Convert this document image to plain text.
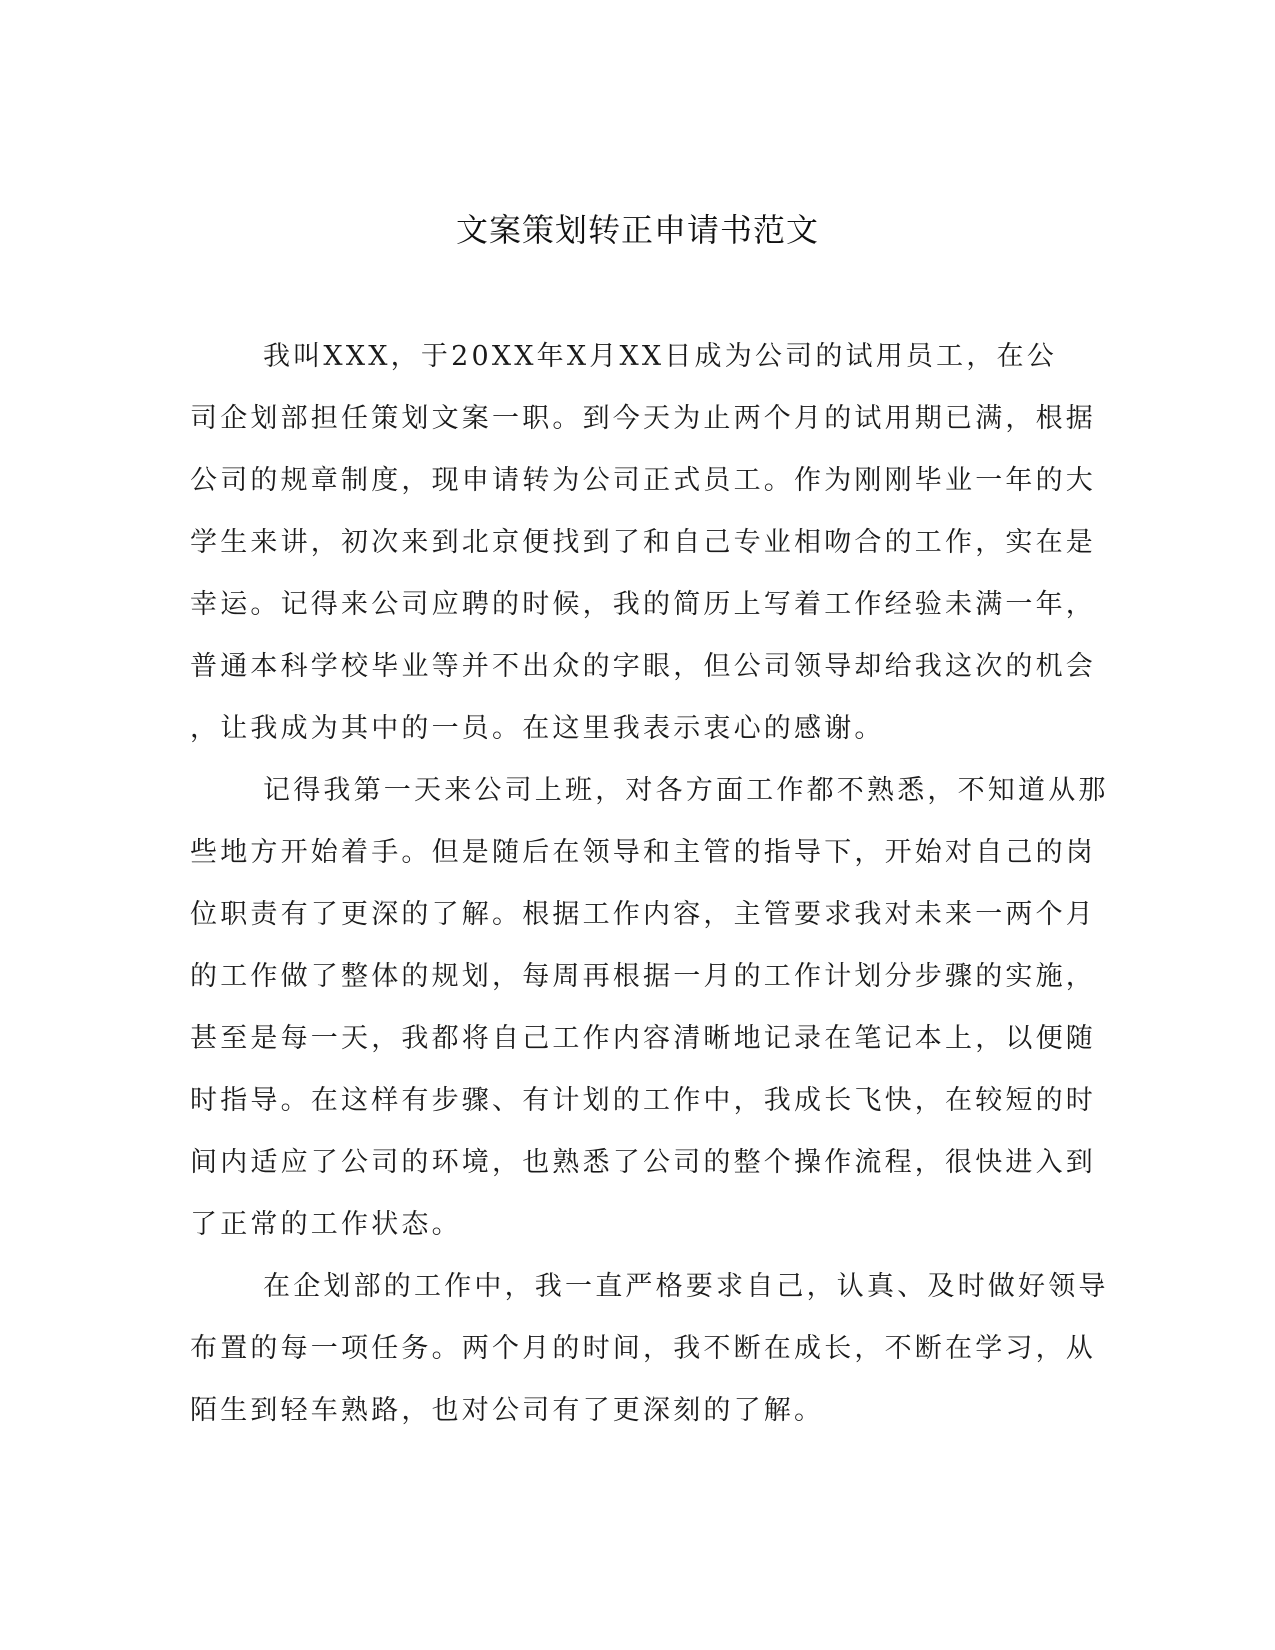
文案策划转正申请书范文
我叫XXX，于20XX年X月XX日成为公司的试用员工，在公
司企划部担任策划文案一职。到今天为止两个月的试用期已满，根据
公司的规章制度，现申请转为公司正式员工。作为刚刚毕业一年的大
学生来讲，初次来到北京便找到了和自己专业相吻合的工作，实在是
幸运。记得来公司应聘的时候，我的简历上写着工作经验未满一年，
普通本科学校毕业等并不出众的字眼，但公司领导却给我这次的机会
，让我成为其中的一员。在这里我表示衷心的感谢。
记得我第一天来公司上班，对各方面工作都不熟悉，不知道从那
些地方开始着手。但是随后在领导和主管的指导下，开始对自己的岗
位职责有了更深的了解。根据工作内容，主管要求我对未来一两个月
的工作做了整体的规划，每周再根据一月的工作计划分步骤的实施，
甚至是每一天，我都将自己工作内容清晰地记录在笔记本上，以便随
时指导。在这样有步骤、有计划的工作中，我成长飞快，在较短的时
间内适应了公司的环境，也熟悉了公司的整个操作流程，很快进入到
了正常的工作状态。
在企划部的工作中，我一直严格要求自己，认真、及时做好领导
布置的每一项任务。两个月的时间，我不断在成长，不断在学习，从
陌生到轻车熟路，也对公司有了更深刻的了解。
